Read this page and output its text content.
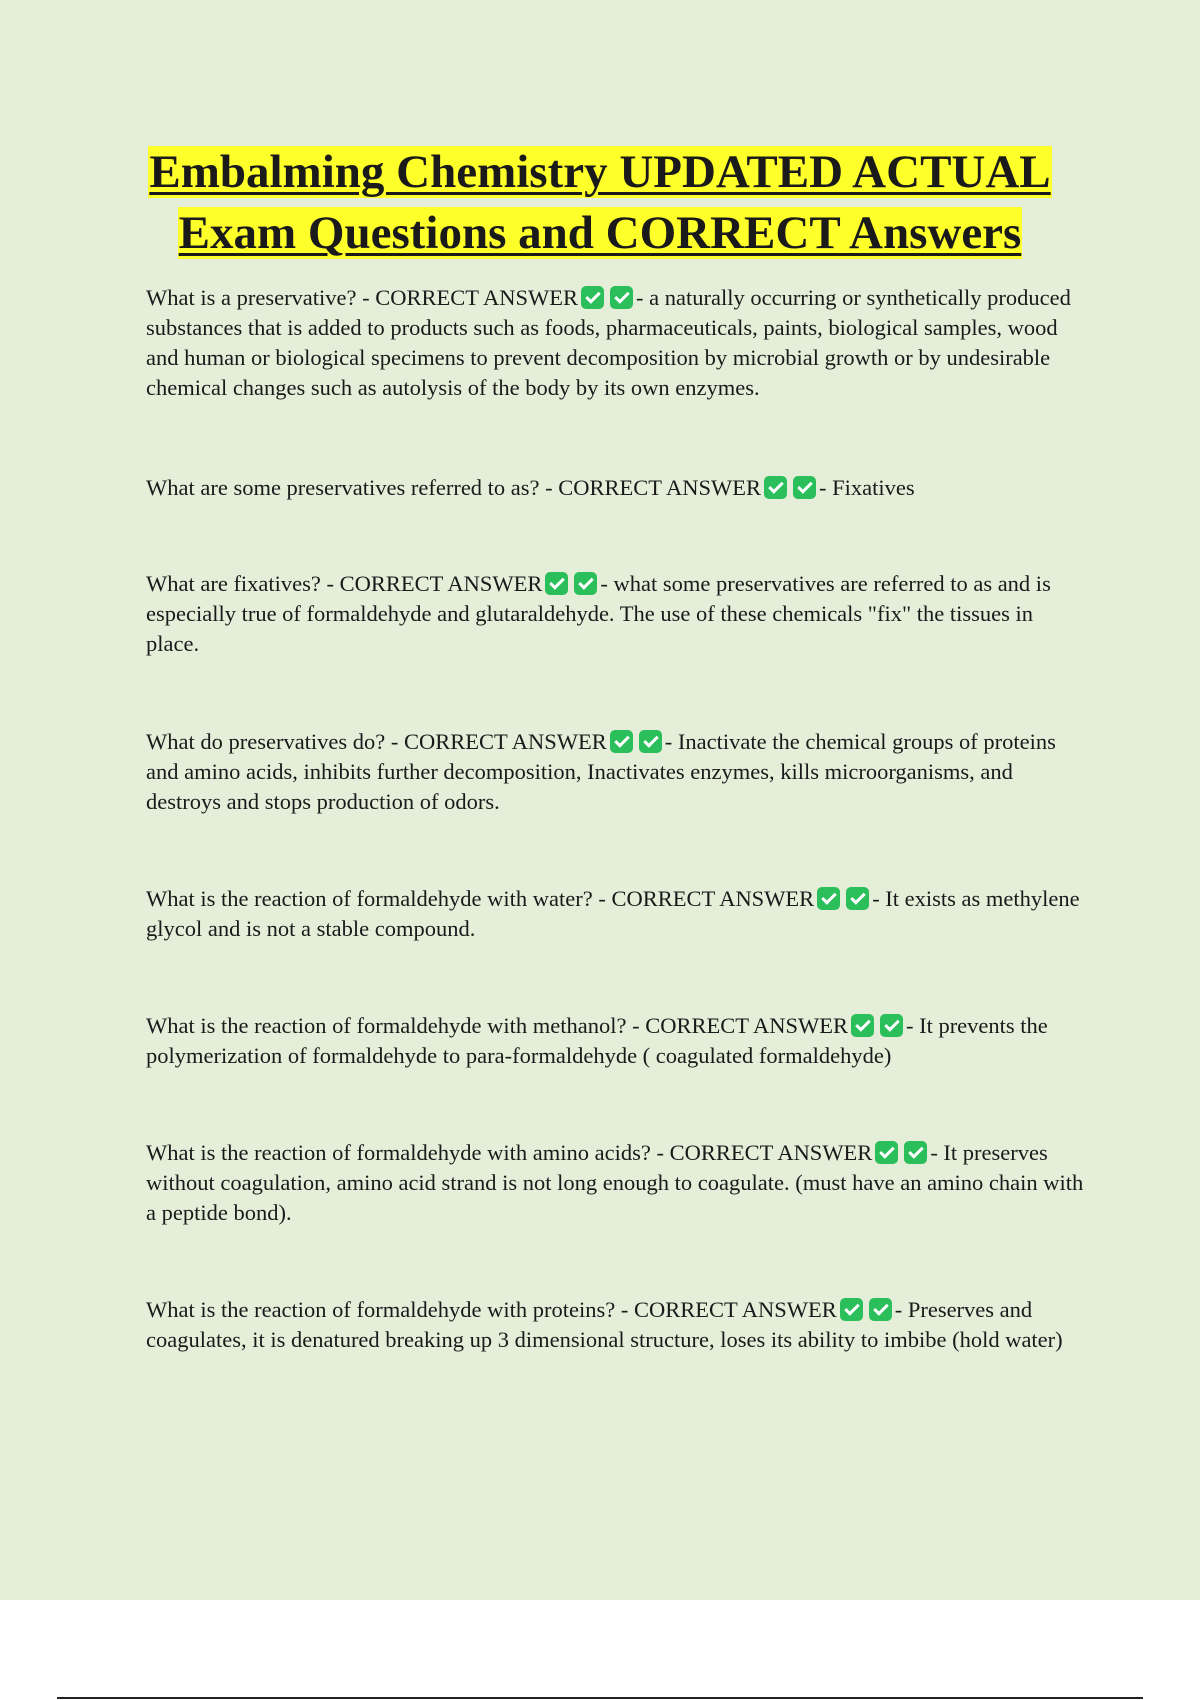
Embalming Chemistry UPDATED ACTUAL
Exam Questions and CORRECT Answers

What is a preservative? - CORRECT ANSWER	- a naturally occurring or synthetically produced substances that is added to products such as foods, pharmaceuticals, paints, biological samples, wood and human or biological specimens to prevent decomposition by microbial growth or by undesirable chemical changes such as autolysis of the body by its own enzymes.

What are some preservatives referred to as? - CORRECT ANSWER	- Fixatives

What are fixatives? - CORRECT ANSWER	- what some preservatives are referred to as and is especially true of formaldehyde and glutaraldehyde. The use of these chemicals "fix" the tissues in place.

What do preservatives do? - CORRECT ANSWER	- Inactivate the chemical groups of proteins and amino acids, inhibits further decomposition, Inactivates enzymes, kills microorganisms, and destroys and stops production of odors.

What is the reaction of formaldehyde with water? - CORRECT ANSWER	- It exists as methylene glycol and is not a stable compound.

What is the reaction of formaldehyde with methanol? - CORRECT ANSWER	- It prevents the polymerization of formaldehyde to para-formaldehyde ( coagulated formaldehyde)

What is the reaction of formaldehyde with amino acids? - CORRECT ANSWER	- It preserves without coagulation, amino acid strand is not long enough to coagulate. (must have an amino chain with a peptide bond).

What is the reaction of formaldehyde with proteins? - CORRECT ANSWER	- Preserves and coagulates, it is denatured breaking up 3 dimensional structure, loses its ability to imbibe (hold water)
